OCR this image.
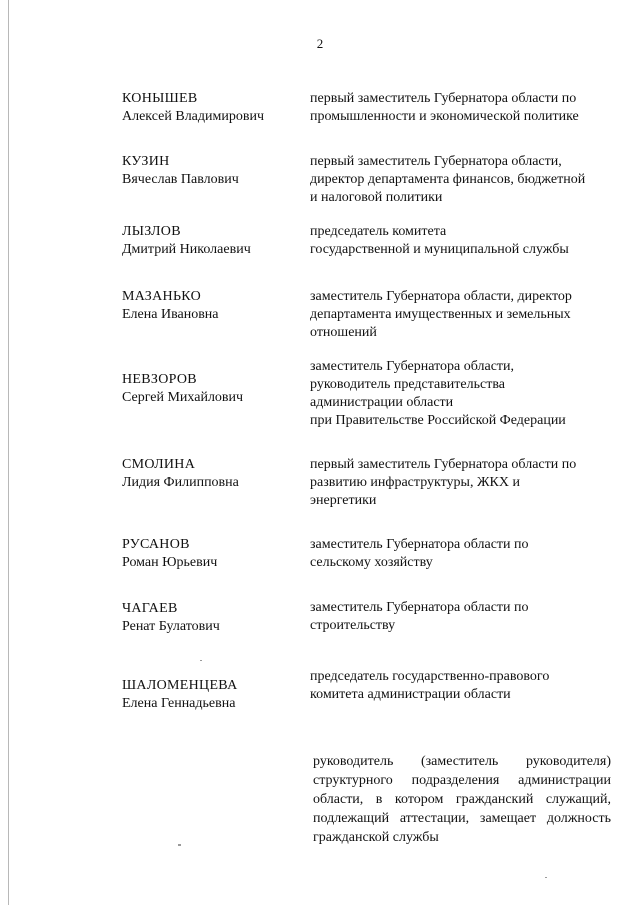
2
КОНЫШЕВ
Алексей Владимирович
первый заместитель Губернатора области по
промышленности и экономической политике
КУЗИН
Вячеслав Павлович
первый заместитель Губернатора области,
директор департамента финансов, бюджетной
и налоговой политики
ЛЫЗЛОВ
Дмитрий Николаевич
председатель комитета
государственной и муниципальной службы
МАЗАНЬКО
Елена Ивановна
заместитель Губернатора области, директор
департамента имущественных и земельных
отношений
НЕВЗОРОВ
Сергей Михайлович
заместитель Губернатора области,
руководитель представительства
администрации области
при Правительстве Российской Федерации
СМОЛИНА
Лидия Филипповна
первый заместитель Губернатора области по
развитию инфраструктуры, ЖКХ и
энергетики
РУСАНОВ
Роман Юрьевич
заместитель Губернатора области по
сельскому хозяйству
ЧАГАЕВ
Ренат Булатович
заместитель Губернатора области по
строительству
ШАЛОМЕНЦЕВА
Елена Геннадьевна
председатель государственно-правового
комитета администрации области
руководитель (заместитель руководителя)
структурного подразделения администрации
области, в котором гражданский служащий,
подлежащий аттестации, замещает должность
гражданской службы
